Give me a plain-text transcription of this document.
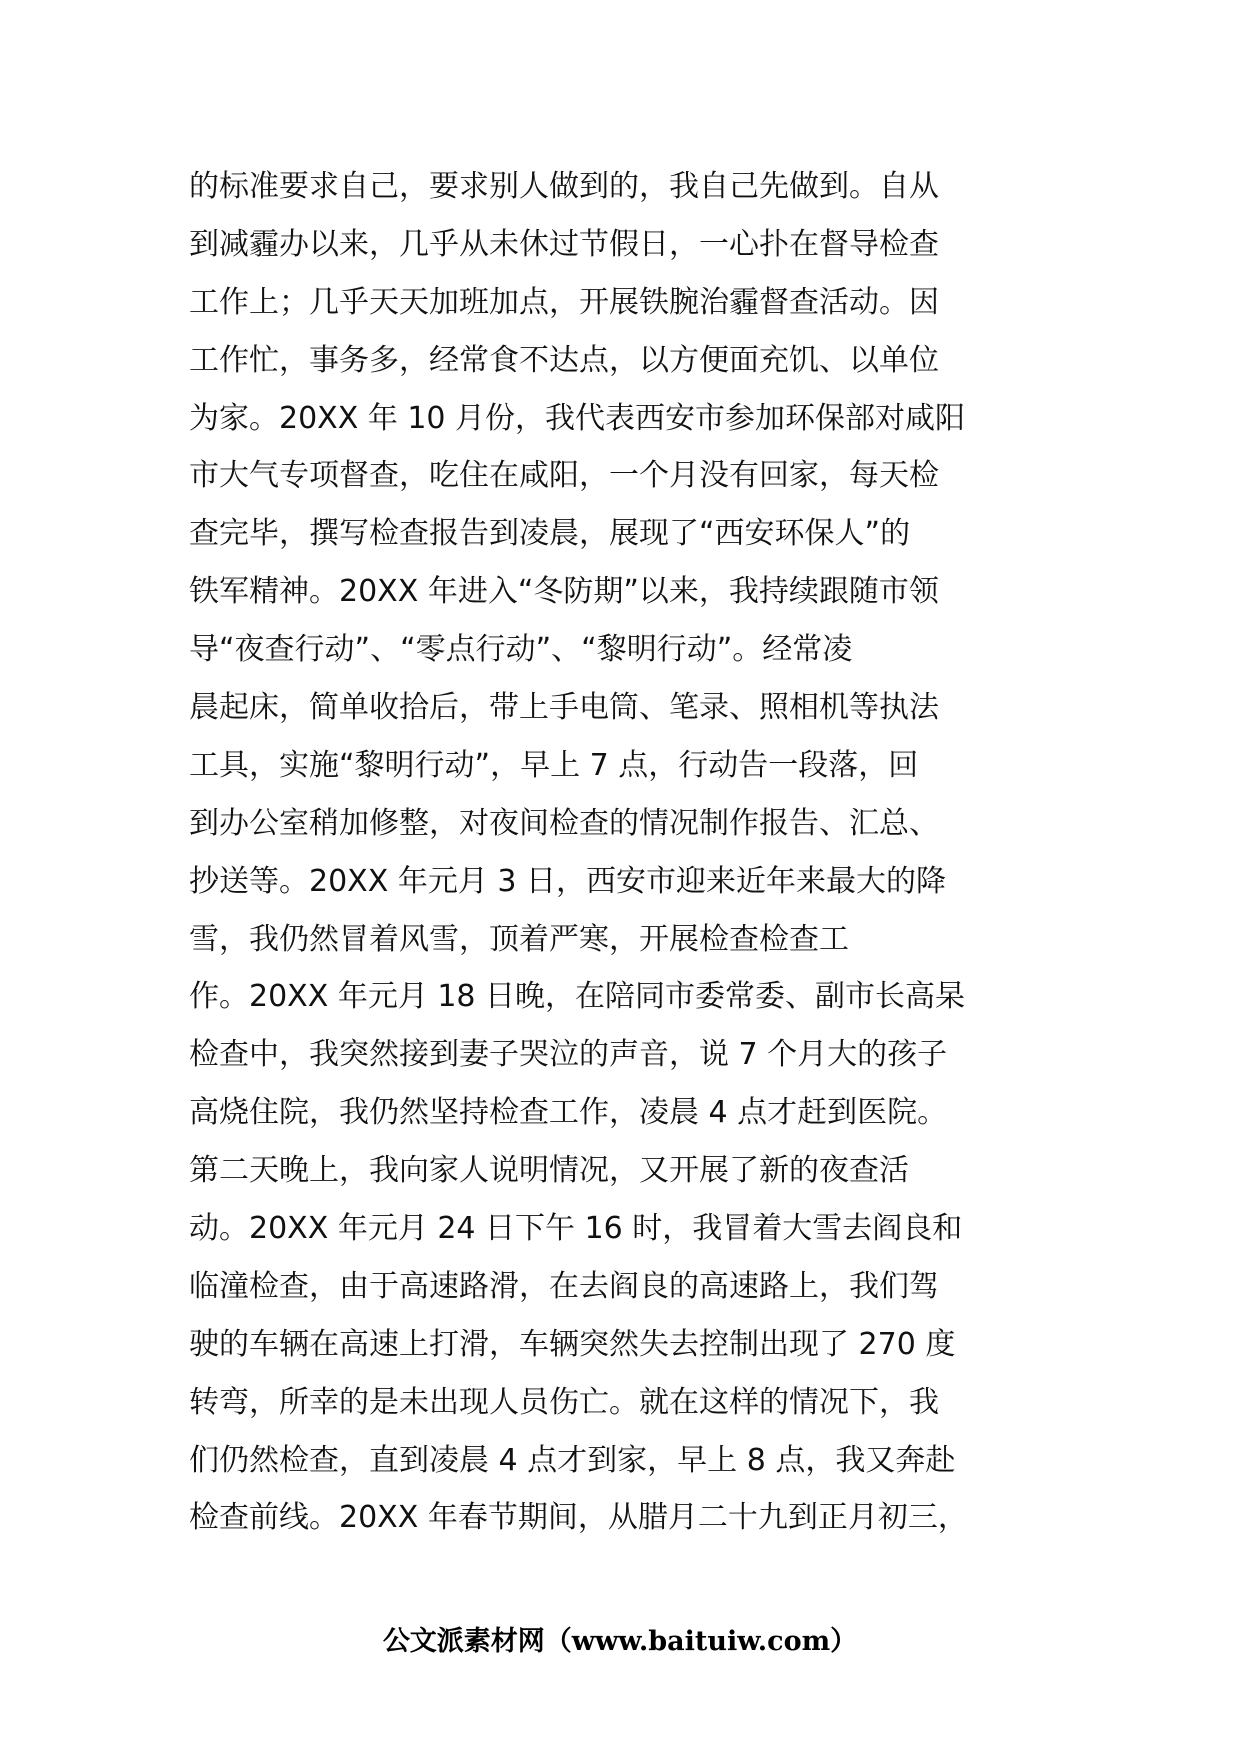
的标准要求自己，要求别人做到的，我自己先做到。自从
到减霾办以来，几乎从未休过节假日，一心扑在督导检查
工作上；几乎天天加班加点，开展铁腕治霾督查活动。因
工作忙，事务多，经常食不达点，以方便面充饥、以单位
为家。20XX 年 10 月份，我代表西安市参加环保部对咸阳
市大气专项督查，吃住在咸阳，一个月没有回家，每天检
查完毕，撰写检查报告到凌晨，展现了“西安环保人”的
铁军精神。20XX 年进入“冬防期”以来，我持续跟随市领
导“夜查行动”、“零点行动”、“黎明行动”。经常凌
晨起床，简单收拾后，带上手电筒、笔录、照相机等执法
工具，实施“黎明行动”，早上 7 点，行动告一段落，回
到办公室稍加修整，对夜间检查的情况制作报告、汇总、
抄送等。20XX 年元月 3 日，西安市迎来近年来最大的降
雪，我仍然冒着风雪，顶着严寒，开展检查检查工
作。20XX 年元月 18 日晚，在陪同市委常委、副市长高杲
检查中，我突然接到妻子哭泣的声音，说 7 个月大的孩子
高烧住院，我仍然坚持检查工作，凌晨 4 点才赶到医院。
第二天晚上，我向家人说明情况，又开展了新的夜查活
动。20XX 年元月 24 日下午 16 时，我冒着大雪去阎良和
临潼检查，由于高速路滑，在去阎良的高速路上，我们驾
驶的车辆在高速上打滑，车辆突然失去控制出现了 270 度
转弯，所幸的是未出现人员伤亡。就在这样的情况下，我
们仍然检查，直到凌晨 4 点才到家，早上 8 点，我又奔赴
检查前线。20XX 年春节期间，从腊月二十九到正月初三，
公文派素材网（www.baituiw.com）
